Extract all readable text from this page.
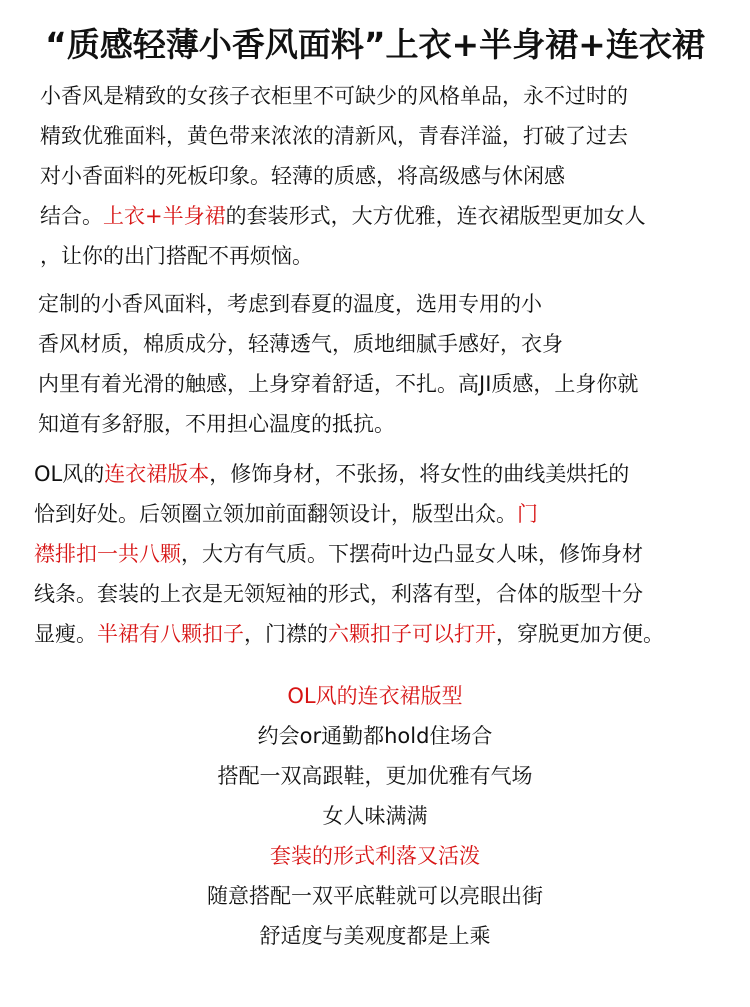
“质感轻薄小香风面料”上衣+半身裙+连衣裙
小香风是精致的女孩子衣柜里不可缺少的风格单品，永不过时的
精致优雅面料，黄色带来浓浓的清新风，青春洋溢，打破了过去
对小香面料的死板印象。轻薄的质感，将高级感与休闲感
结合。上衣+半身裙的套装形式，大方优雅，连衣裙版型更加女人
，让你的出门搭配不再烦恼。
定制的小香风面料，考虑到春夏的温度，选用专用的小
香风材质，棉质成分，轻薄透气，质地细腻手感好，衣身
内里有着光滑的触感，上身穿着舒适，不扎。高JI质感，上身你就
知道有多舒服，不用担心温度的抵抗。
OL风的连衣裙版本，修饰身材，不张扬，将女性的曲线美烘托的
恰到好处。后领圈立领加前面翻领设计，版型出众。门
襟排扣一共八颗，大方有气质。下摆荷叶边凸显女人味，修饰身材
线条。套装的上衣是无领短袖的形式，利落有型，合体的版型十分
显瘦。半裙有八颗扣子，门襟的六颗扣子可以打开，穿脱更加方便。
OL风的连衣裙版型
约会or通勤都hold住场合
搭配一双高跟鞋，更加优雅有气场
女人味满满
套装的形式利落又活泼
随意搭配一双平底鞋就可以亮眼出街
舒适度与美观度都是上乘
